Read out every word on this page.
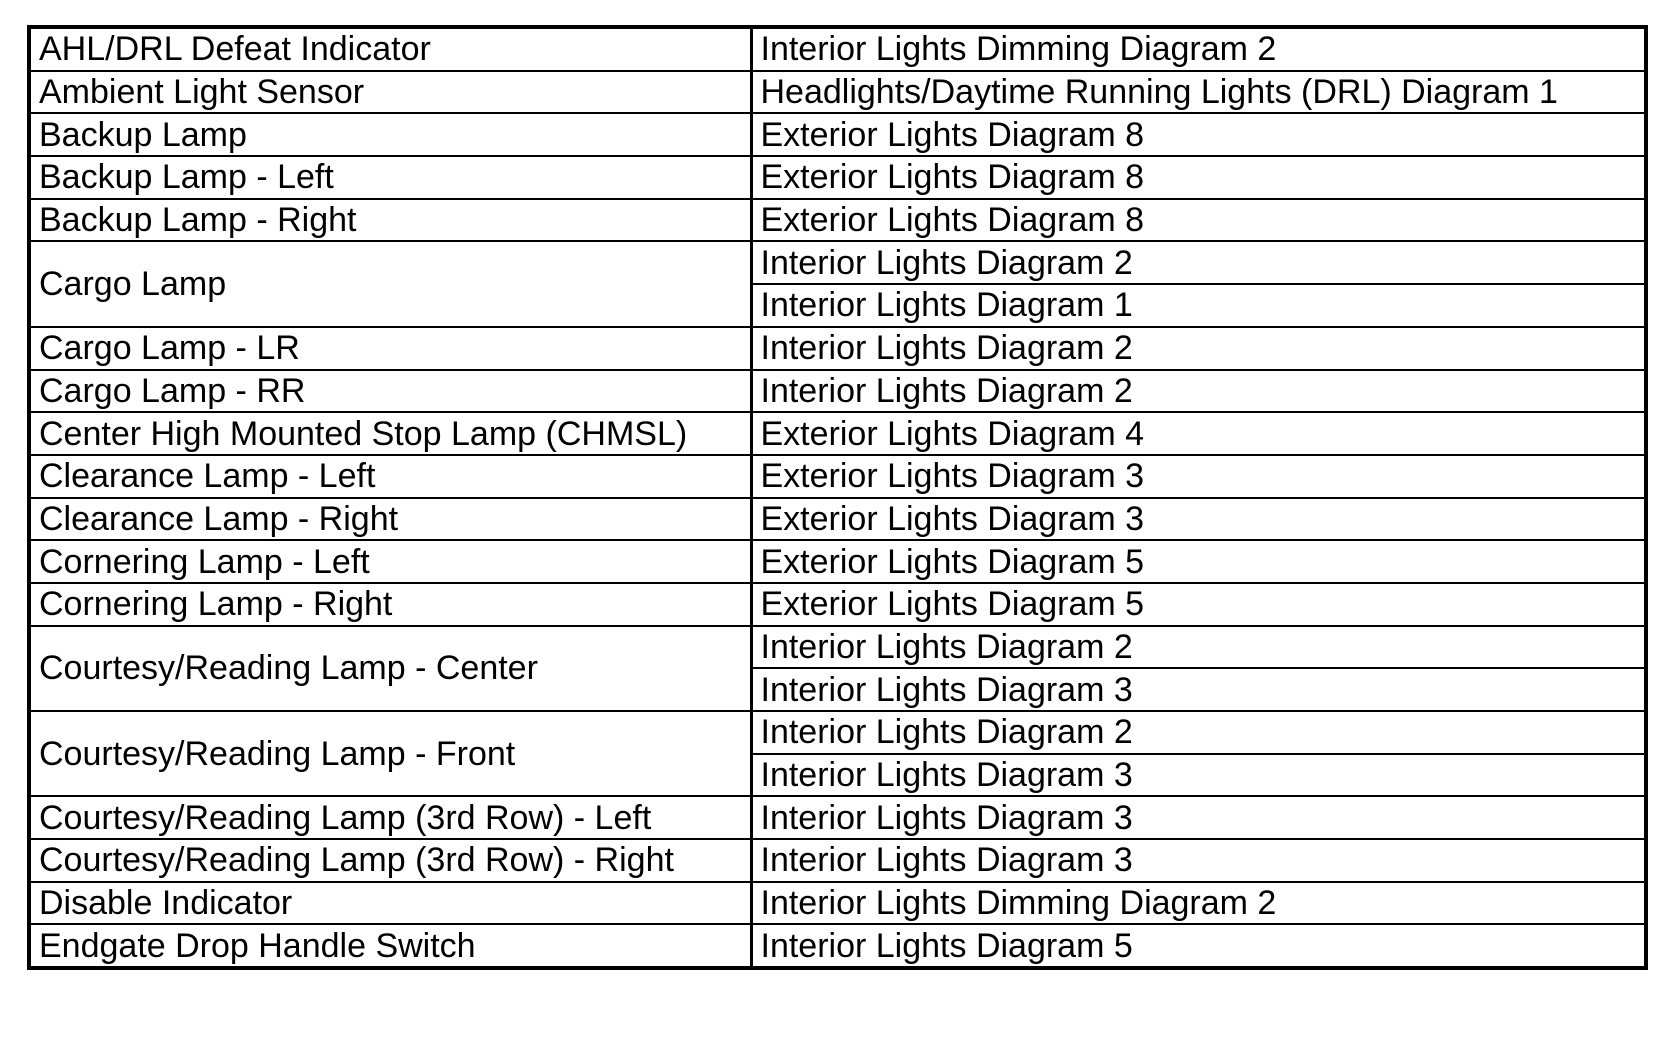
AHL/DRL Defeat Indicator	Interior Lights Dimming Diagram 2
Ambient Light Sensor	Headlights/Daytime Running Lights (DRL) Diagram 1
Backup Lamp	Exterior Lights Diagram 8
Backup Lamp - Left	Exterior Lights Diagram 8
Backup Lamp - Right	Exterior Lights Diagram 8
Cargo Lamp	Interior Lights Diagram 2
	Interior Lights Diagram 1
Cargo Lamp - LR	Interior Lights Diagram 2
Cargo Lamp - RR	Interior Lights Diagram 2
Center High Mounted Stop Lamp (CHMSL)	Exterior Lights Diagram 4
Clearance Lamp - Left	Exterior Lights Diagram 3
Clearance Lamp - Right	Exterior Lights Diagram 3
Cornering Lamp - Left	Exterior Lights Diagram 5
Cornering Lamp - Right	Exterior Lights Diagram 5
Courtesy/Reading Lamp - Center	Interior Lights Diagram 2
	Interior Lights Diagram 3
Courtesy/Reading Lamp - Front	Interior Lights Diagram 2
	Interior Lights Diagram 3
Courtesy/Reading Lamp (3rd Row) - Left	Interior Lights Diagram 3
Courtesy/Reading Lamp (3rd Row) - Right	Interior Lights Diagram 3
Disable Indicator	Interior Lights Dimming Diagram 2
Endgate Drop Handle Switch	Interior Lights Diagram 5
